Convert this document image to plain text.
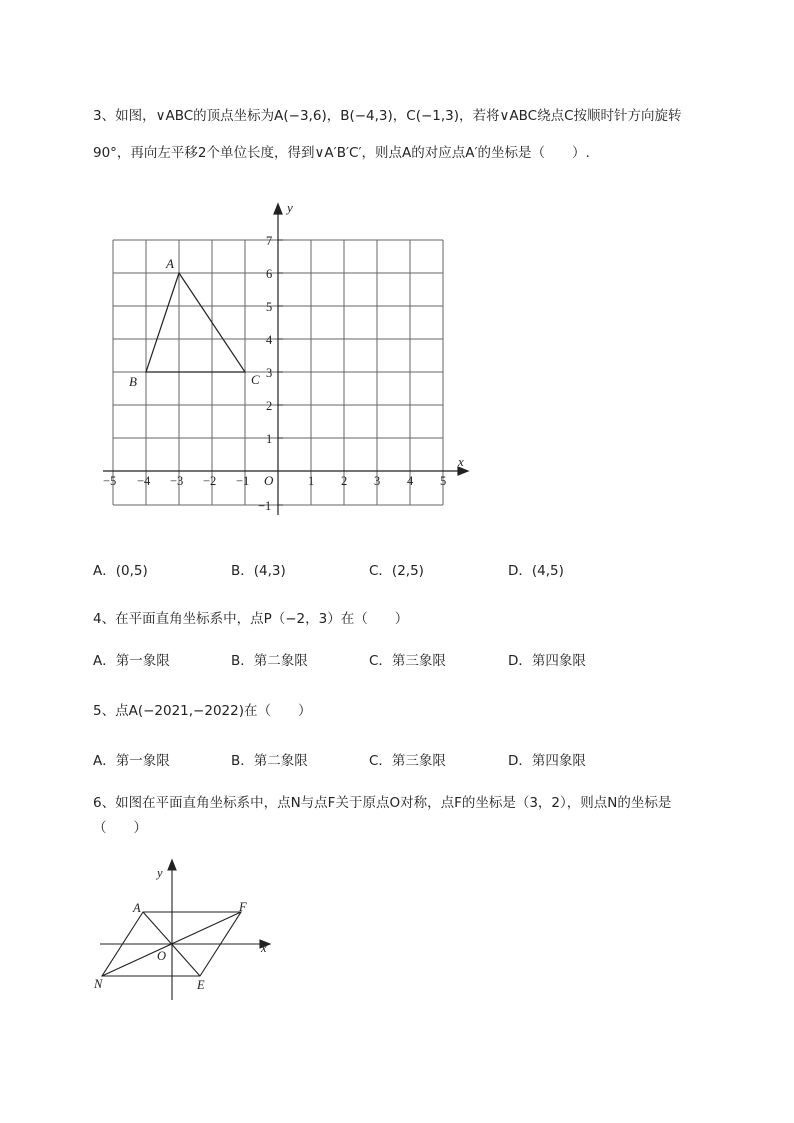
3、如图，∨ABC的顶点坐标为A(−3,6)，B(−4,3)，C(−1,3)，若将∨ABC绕点C按顺时针方向旋转
90°，再向左平移2个单位长度，得到∨A′B′C′，则点A的对应点A′的坐标是（　　）.
y
x
O
A
B	C
−5 −4 −3 −2 −1	1 2 3 4 5
7
6
5
4
3
2
1
−1
A．(0,5)	B．(4,3)	C．(2,5)	D．(4,5)
4、在平面直角坐标系中，点P（−2，3）在（　　）
A．第一象限	B．第二象限	C．第三象限	D．第四象限
5、点A(−2021,−2022)在（　　）
A．第一象限	B．第二象限	C．第三象限	D．第四象限
6、如图在平面直角坐标系中，点N与点F关于原点O对称，点F的坐标是（3，2），则点N的坐标是
（　　）
y
x
O
A	F
N	E
